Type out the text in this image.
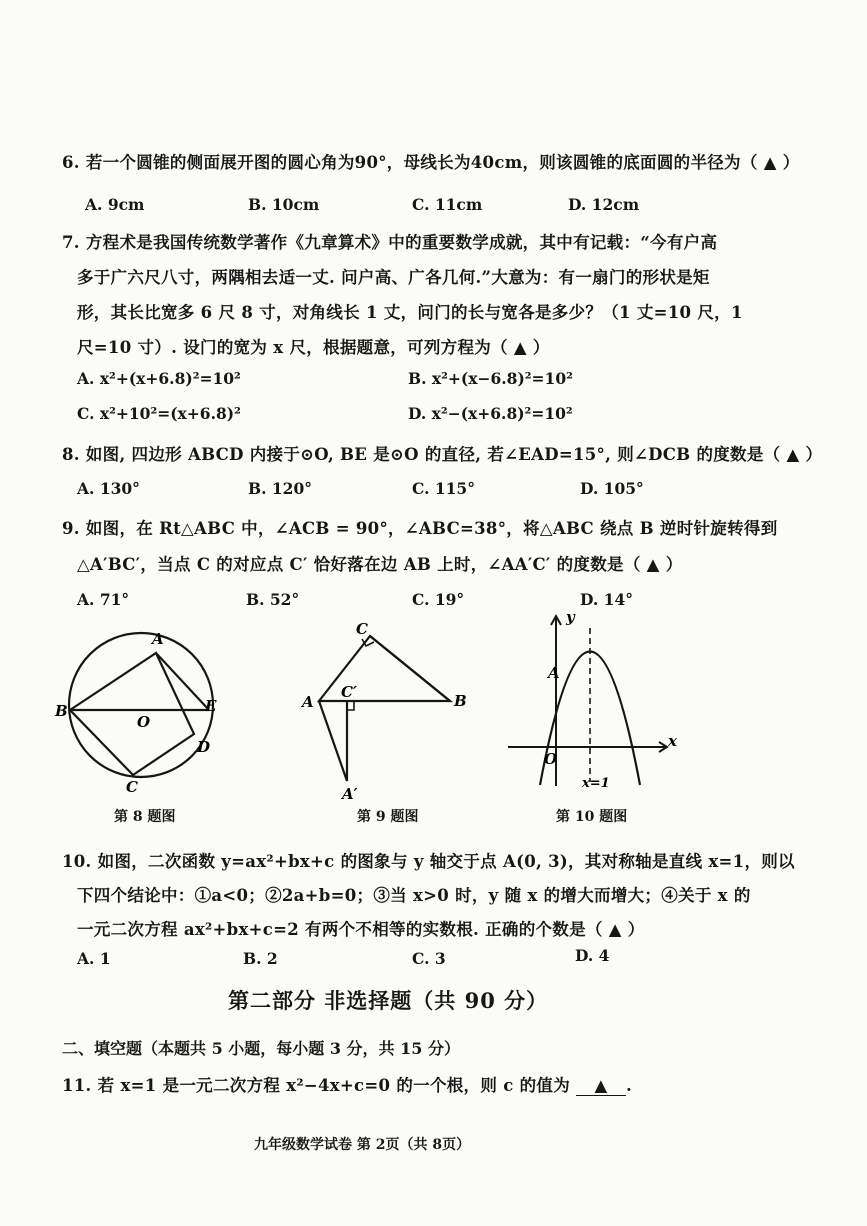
6. 若一个圆锥的侧面展开图的圆心角为90°，母线长为40cm，则该圆锥的底面圆的半径为（ ▲ ）
A. 9cm	B. 10cm	C. 11cm	D. 12cm
7. 方程术是我国传统数学著作《九章算术》中的重要数学成就，其中有记载：“今有户高
多于广六尺八寸，两隅相去适一丈. 问户高、广各几何.”大意为：有一扇门的形状是矩
形，其长比宽多 6 尺 8 寸，对角线长 1 丈，问门的长与宽各是多少？（1 丈=10 尺，1
尺=10 寸）. 设门的宽为 x 尺，根据题意，可列方程为（ ▲ ）
A. x²+(x+6.8)²=10²	B. x²+(x−6.8)²=10²
C. x²+10²=(x+6.8)²	D. x²−(x+6.8)²=10²
8. 如图, 四边形 ABCD 内接于⊙O, BE 是⊙O 的直径, 若∠EAD=15°, 则∠DCB 的度数是（ ▲ ）
A. 130°	B. 120°	C. 115°	D. 105°
9. 如图，在 Rt△ABC 中，∠ACB = 90°，∠ABC=38°，将△ABC 绕点 B 逆时针旋转得到
△A′BC′，当点 C 的对应点 C′ 恰好落在边 AB 上时，∠AA′C′ 的度数是（ ▲ ）
A. 71°	B. 52°	C. 19°	D. 14°
A
B
C
D
E
O
第 8 题图
C
C′
A	B
A′
第 9 题图
y
x
O
A
x=1
第 10 题图
10. 如图，二次函数 y=ax²+bx+c 的图象与 y 轴交于点 A(0, 3)，其对称轴是直线 x=1，则以
下四个结论中：①a<0；②2a+b=0；③当 x>0 时，y 随 x 的增大而增大；④关于 x 的
一元二次方程 ax²+bx+c=2 有两个不相等的实数根. 正确的个数是（ ▲ ）
A. 1	B. 2	C. 3	D. 4
第二部分 非选择题（共 90 分）
二、填空题（本题共 5 小题，每小题 3 分，共 15 分）
11. 若 x=1 是一元二次方程 x²−4x+c=0 的一个根，则 c 的值为 ▲ .
九年级数学试卷 第 2页（共 8页）
